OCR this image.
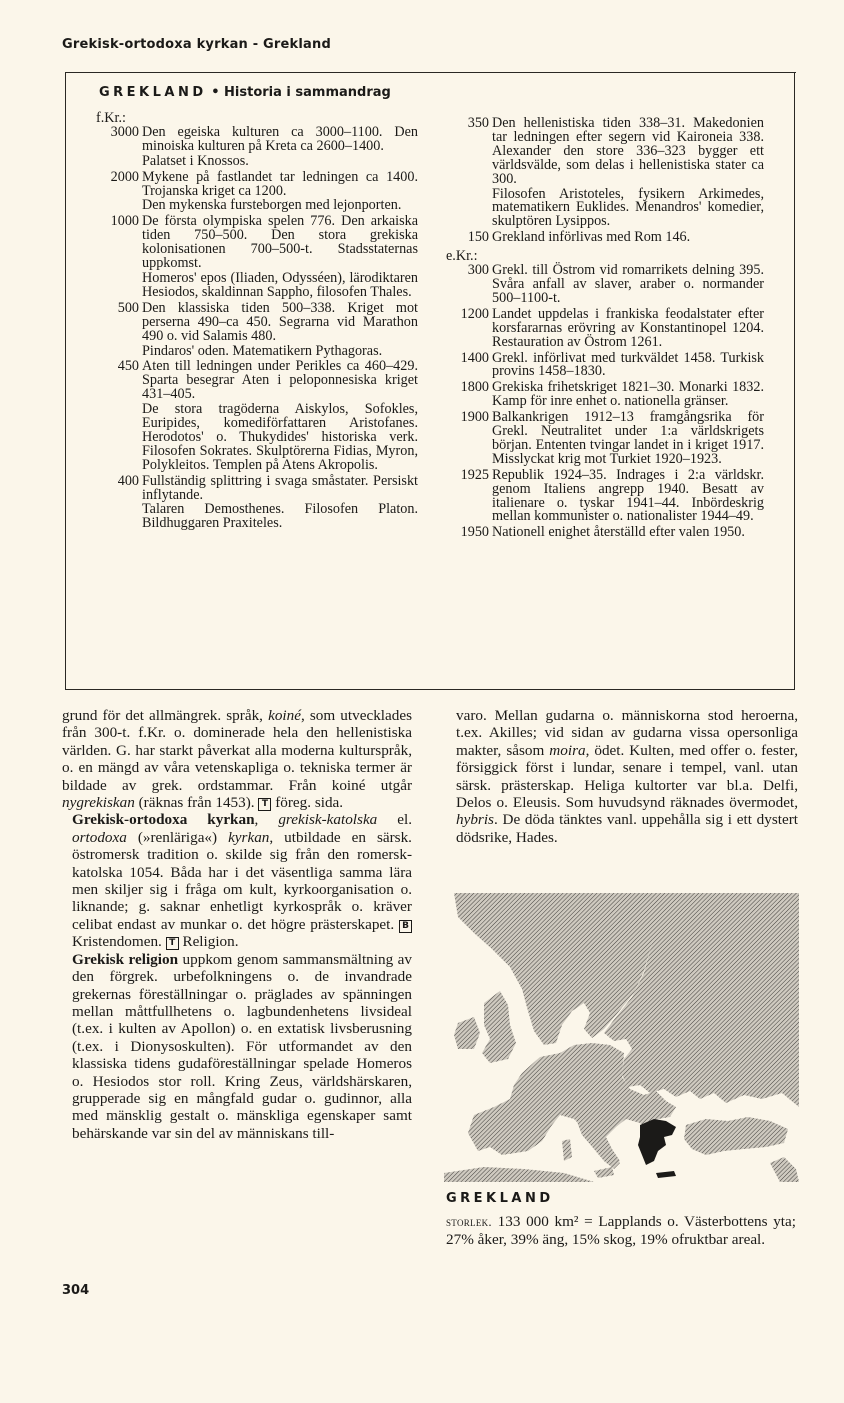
Grekisk-ortodoxa kyrkan - Grekland
GREKLAND • Historia i sammandrag
f.Kr.:
3000 Den egeiska kulturen ca 3000–1100. Den minoiska kulturen på Kreta ca 2600–1400.

Palatset i Knossos.

2000 Mykene på fastlandet tar ledningen ca 1400. Trojanska kriget ca 1200.

Den mykenska fursteborgen med lejonporten.

1000 De första olympiska spelen 776. Den arkaiska tiden 750–500. Den stora grekiska kolonisationen 700–500-t. Stadsstaternas uppkomst.

Homeros' epos (Iliaden, Odysséen), lärodiktaren Hesiodos, skaldinnan Sappho, filosofen Thales.

500 Den klassiska tiden 500–338. Kriget mot perserna 490–ca 450. Segrarna vid Marathon 490 o. vid Salamis 480.

Pindaros' oden. Matematikern Pythagoras.

450 Aten till ledningen under Perikles ca 460–429. Sparta besegrar Aten i peloponnesiska kriget 431–405.

De stora tragöderna Aiskylos, Sofokles, Euripides, komediförfattaren Aristofanes. Herodotos' o. Thukydides' historiska verk. Filosofen Sokrates. Skulptörerna Fidias, Myron, Polykleitos. Templen på Atens Akropolis.

400 Fullständig splittring i svaga småstater. Persiskt inflytande.

Talaren Demosthenes. Filosofen Platon. Bildhuggaren Praxiteles.

350 Den hellenistiska tiden 338–31. Makedonien tar ledningen efter segern vid Kaironeia 338. Alexander den store 336–323 bygger ett världsvälde, som delas i hellenistiska stater ca 300.

Filosofen Aristoteles, fysikern Arkimedes, matematikern Euklides. Menandros' komedier, skulptören Lysippos.

150 Grekland införlivas med Rom 146.

e.Kr.:
300 Grekl. till Östrom vid romarrikets delning 395. Svåra anfall av slaver, araber o. normander 500–1100-t.

1200 Landet uppdelas i frankiska feodalstater efter korsfararnas erövring av Konstantinopel 1204. Restauration av Östrom 1261.

1400 Grekl. införlivat med turkväldet 1458. Turkisk provins 1458–1830.

1800 Grekiska frihetskriget 1821–30. Monarki 1832. Kamp för inre enhet o. nationella gränser.

1900 Balkankrigen 1912–13 framgångsrika för Grekl. Neutralitet under 1:a världskrigets början. Ententen tvingar landet in i kriget 1917. Misslyckat krig mot Turkiet 1920–1923.

1925 Republik 1924–35. Indrages i 2:a världskr. genom Italiens angrepp 1940. Besatt av italienare o. tyskar 1941–44. Inbördeskrig mellan kommunister o. nationalister 1944–49.

1950 Nationell enighet återställd efter valen 1950.

grund för det allmängrek. språk, koiné, som utvecklades från 300-t. f.Kr. o. dominerade hela den hellenistiska världen. G. har starkt påverkat alla moderna kulturspråk, o. en mängd av våra vetenskapliga o. tekniska termer är bildade av grek. ordstammar. Från koiné utgår nygrekiskan (räknas från 1453). T föreg. sida.

Grekisk-ortodoxa kyrkan, grekisk-katolska el. ortodoxa (»renläriga«) kyrkan, utbildade en särsk. östromersk tradition o. skilde sig från den romersk-katolska 1054. Båda har i det väsentliga samma lära men skiljer sig i fråga om kult, kyrkoorganisation o. liknande; g. saknar enhetligt kyrkospråk o. kräver celibat endast av munkar o. det högre prästerskapet. B Kristendomen. T Religion.

Grekisk religion uppkom genom sammansmältning av den förgrek. urbefolkningens o. de invandrade grekernas föreställningar o. präglades av spänningen mellan måttfullhetens o. lagbundenhetens livsideal (t.ex. i kulten av Apollon) o. en extatisk livsberusning (t.ex. i Dionysoskulten). För utformandet av den klassiska tidens gudaföreställningar spelade Homeros o. Hesiodos stor roll. Kring Zeus, världshärskaren, grupperade sig en mångfald gudar o. gudinnor, alla med mänsklig gestalt o. mänskliga egenskaper samt behärskande var sin del av människans till-

varo. Mellan gudarna o. människorna stod heroerna, t.ex. Akilles; vid sidan av gudarna vissa opersonliga makter, såsom moira, ödet. Kulten, med offer o. fester, försiggick först i lundar, senare i tempel, vanl. utan särsk. prästerskap. Heliga kultorter var bl.a. Delfi, Delos o. Eleusis. Som huvudsynd räknades övermodet, hybris. De döda tänktes vanl. uppehålla sig i ett dystert dödsrike, Hades.

GREKLAND
storlek. 133 000 km² = Lapplands o. Västerbottens yta; 27% åker, 39% äng, 15% skog, 19% ofruktbar areal.
304
